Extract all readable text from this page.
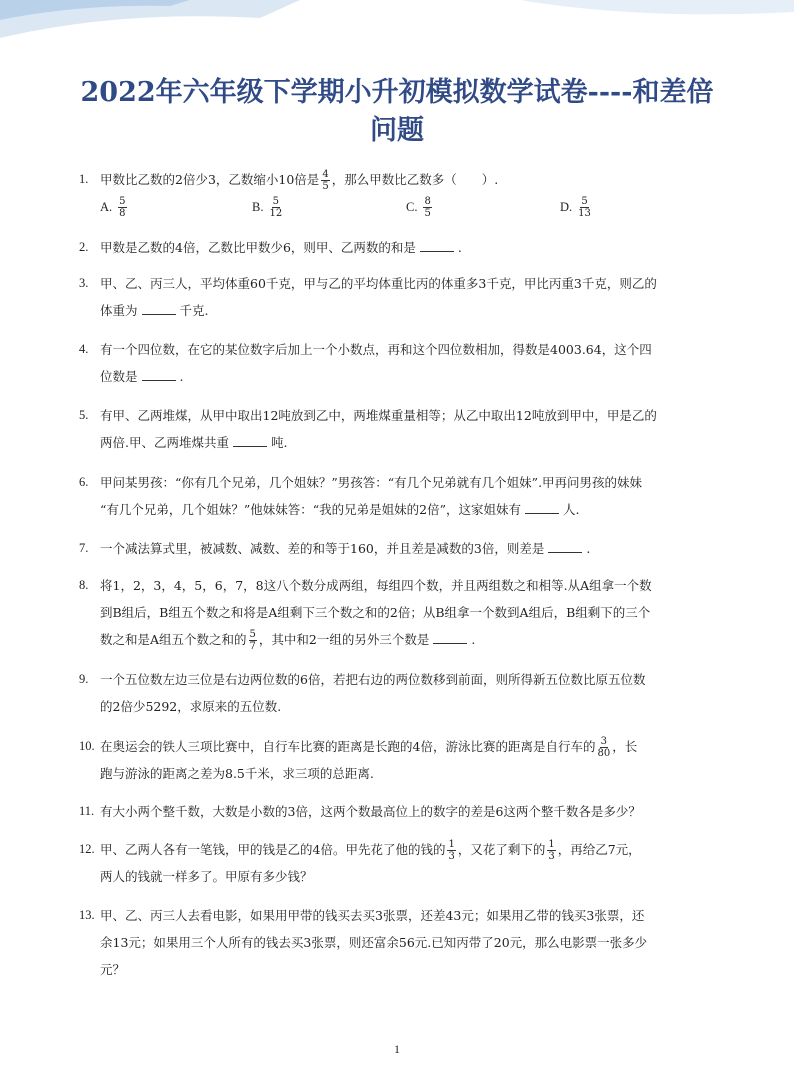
2022年六年级下学期小升初模拟数学试卷----和差倍
问题
1. 甲数比乙数的2倍少3，乙数缩小10倍是 $\frac{4}{5}$ ，那么甲数比乙数多（　　）.
A. $\frac{5}{8}$	B. $\frac{5}{12}$	C. $\frac{8}{5}$	D. $\frac{5}{13}$
2. 甲数是乙数的4倍，乙数比甲数少6，则甲、乙两数的和是	.
3. 甲、乙、丙三人，平均体重60千克，甲与乙的平均体重比丙的体重多3千克，甲比丙重3千克，则乙的
体重为	千克.
4. 有一个四位数，在它的某位数字后加上一个小数点，再和这个四位数相加，得数是4003.64，这个四
位数是	.
5. 有甲、乙两堆煤，从甲中取出12吨放到乙中，两堆煤重量相等；从乙中取出12吨放到甲中，甲是乙的
两倍.甲、乙两堆煤共重	吨.
6. 甲问某男孩：“你有几个兄弟，几个姐妹？”男孩答：“有几个兄弟就有几个姐妹”.甲再问男孩的妹妹
“有几个兄弟，几个姐妹？”他妹妹答：“我的兄弟是姐妹的2倍”，这家姐妹有	人.
7. 一个减法算式里，被减数、减数、差的和等于160，并且差是减数的3倍，则差是	.
8. 将1，2，3，4，5，6，7，8这八个数分成两组，每组四个数，并且两组数之和相等.从A组拿一个数
到B组后，B组五个数之和将是A组剩下三个数之和的2倍；从B组拿一个数到A组后，B组剩下的三个
数之和是A组五个数之和的 $\frac{5}{7}$ ，其中和2一组的另外三个数是	.
9. 一个五位数左边三位是右边两位数的6倍，若把右边的两位数移到前面，则所得新五位数比原五位数
的2倍少5292，求原来的五位数.
10. 在奥运会的铁人三项比赛中，自行车比赛的距离是长跑的4倍，游泳比赛的距离是自行车的 $\frac{3}{80}$ ，长
跑与游泳的距离之差为8.5千米，求三项的总距离.
11. 有大小两个整千数，大数是小数的3倍，这两个数最高位上的数字的差是6这两个整千数各是多少？
12. 甲、乙两人各有一笔钱，甲的钱是乙的4倍。甲先花了他的钱的 $\frac{1}{3}$ ，又花了剩下的 $\frac{1}{3}$ ，再给乙7元，
两人的钱就一样多了。甲原有多少钱？
13. 甲、乙、丙三人去看电影，如果用甲带的钱买去买3张票，还差43元；如果用乙带的钱买3张票，还
余13元；如果用三个人所有的钱去买3张票，则还富余56元.已知丙带了20元，那么电影票一张多少
元？
1
